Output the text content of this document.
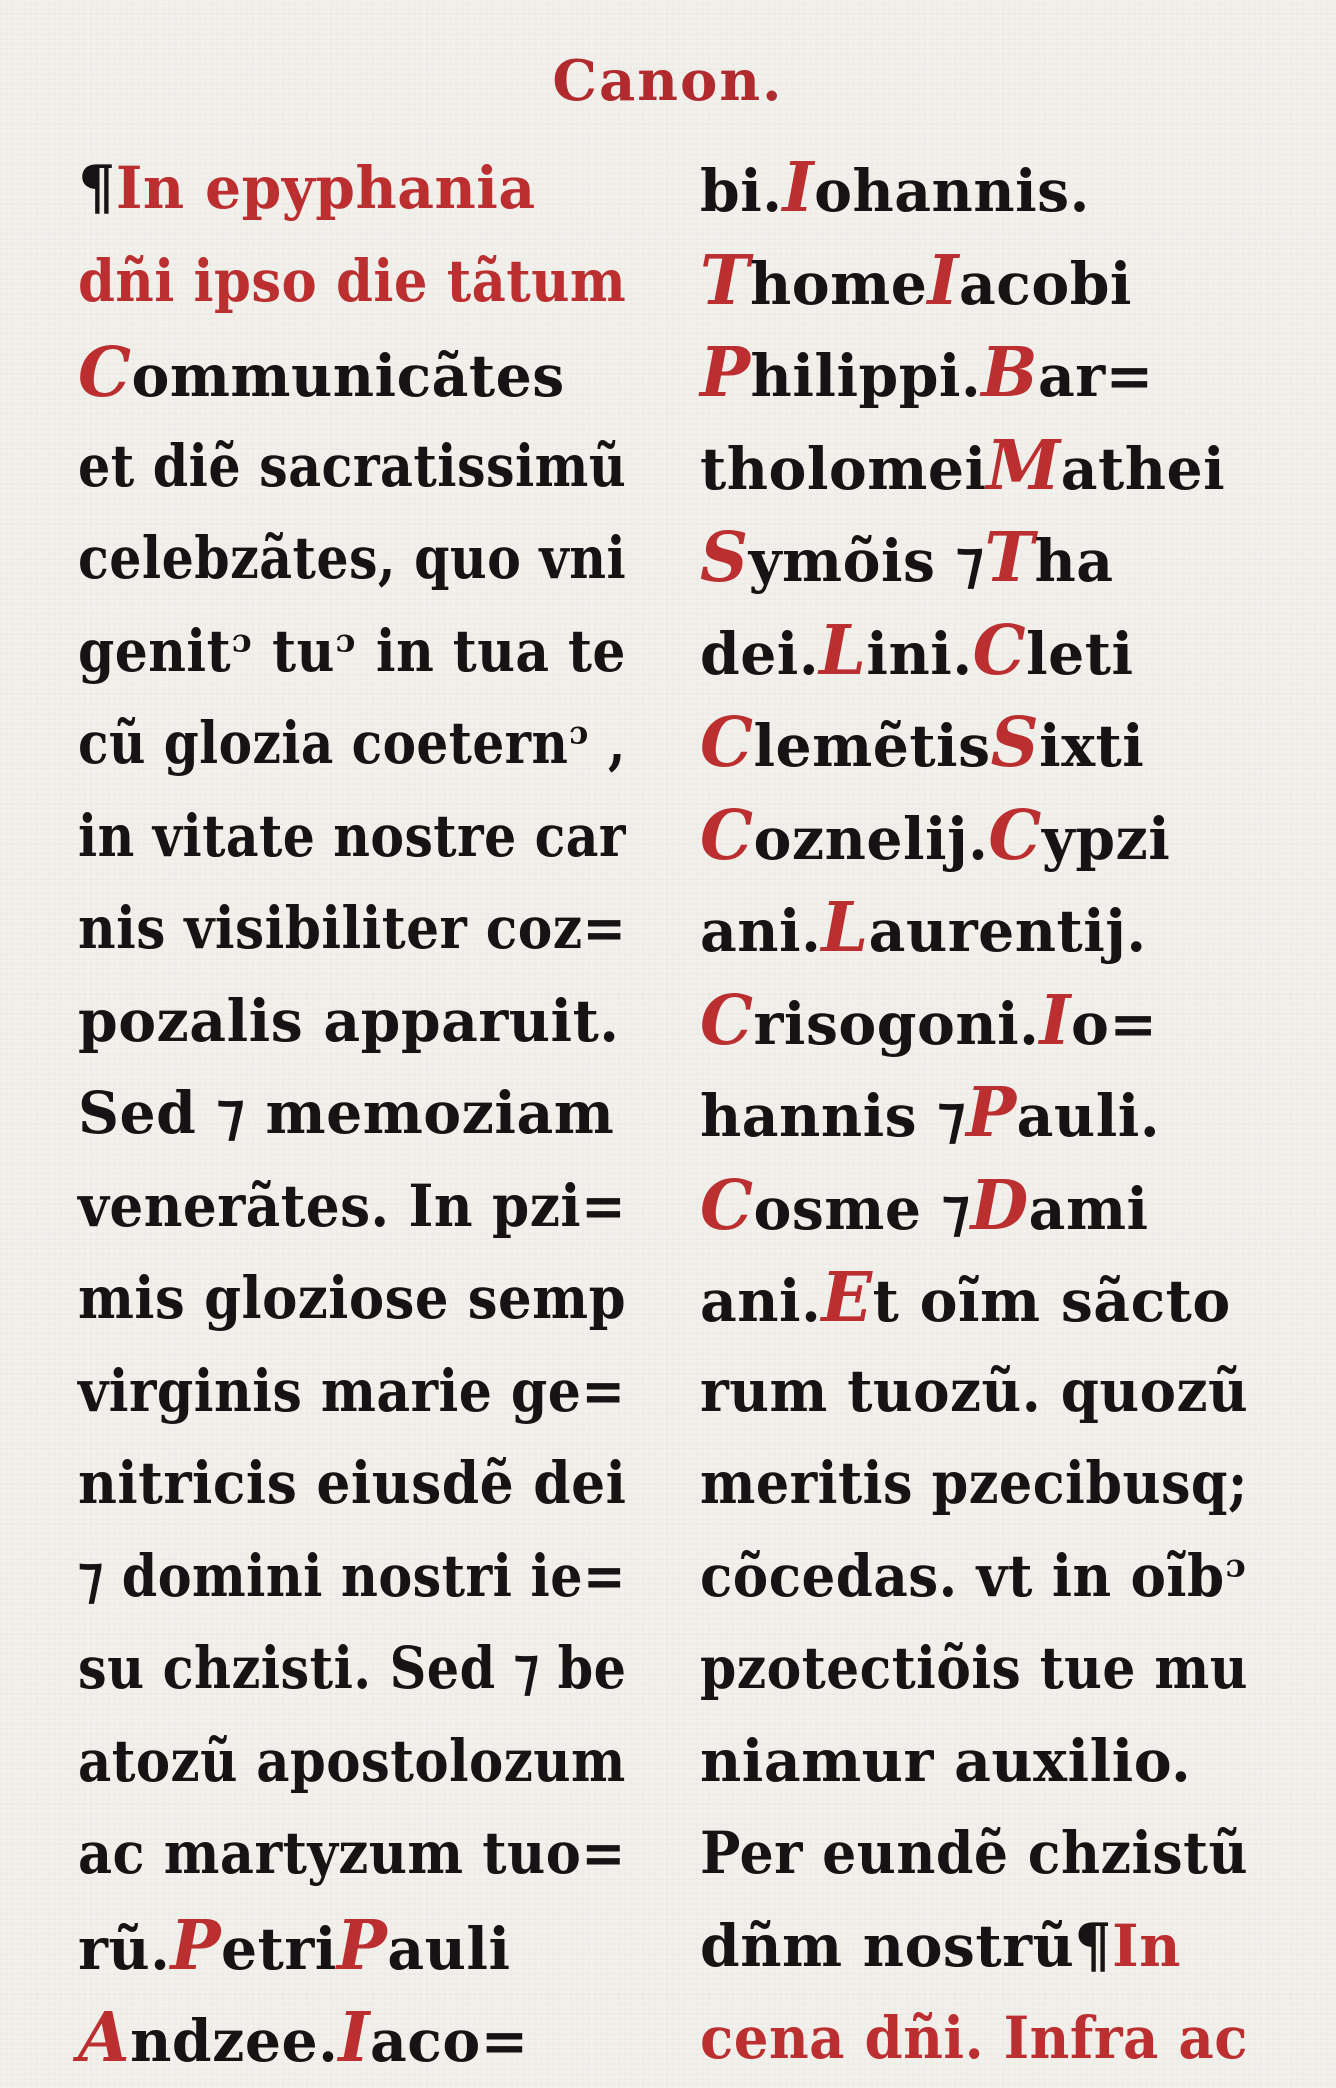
Canon.
¶In epyphania
dñi ipso die tãtum
Communicãtes
et diẽ sacratissimũ
celebzãtes, quo vni
genitᵓ tuᵓ in tua te
cũ glozia coeternᵓ ,
in vitate nostre car
nis visibiliter coz=
pozalis apparuit.
Sed ⁊ memoziam
venerãtes. In pzi=
mis gloziose semp
virginis marie ge=
nitricis eiusdẽ dei
⁊ domini nostri ie=
su chzisti. Sed ⁊ be
atozũ apostolozum
ac martyzum tuo=
rũ.PetriPauli
Andzee.Iaco=
bi.Iohannis.
ThomeIacobi
Philippi.Bar=
tholomeiMathei
Symõis ⁊Tha
dei.Lini.Cleti
ClemẽtisSixti
Coznelij.Cypzi
ani.Laurentij.
Crisogoni.Io=
hannis ⁊Pauli.
Cosme ⁊Dami
ani.Et oĩm sãcto
rum tuozũ. quozũ
meritis pzecibusq;
cõcedas. vt in oĩbᵓ
pzotectiõis tue mu
niamur auxilio.
Per eundẽ chzistũ
dñm nostrũ¶In
cena dñi. Infra ac
